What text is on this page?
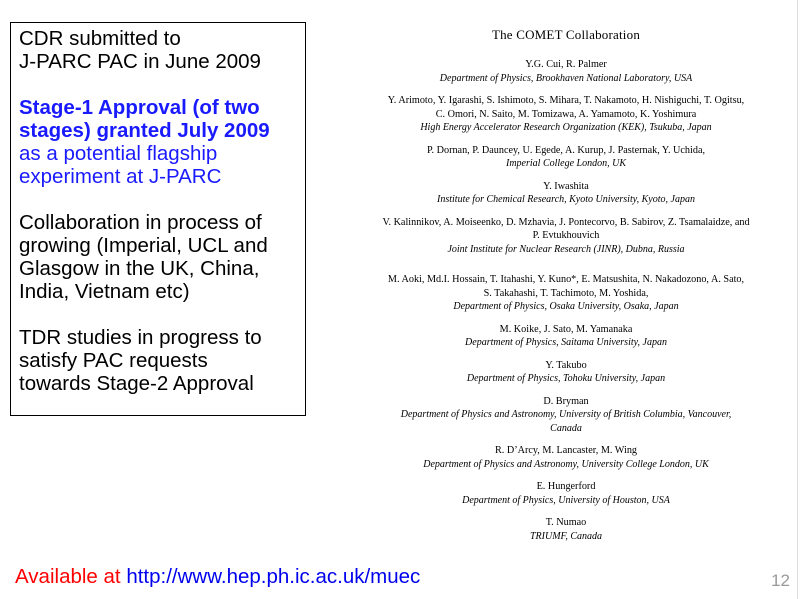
CDR submitted to
J-PARC PAC in June 2009

Stage-1 Approval (of two
stages) granted July 2009
as a potential flagship
experiment at J-PARC

Collaboration in process of
growing (Imperial, UCL and
Glasgow in the UK, China,
India, Vietnam etc)

TDR studies in progress to
satisfy PAC requests
towards Stage-2 Approval

The COMET Collaboration
Y.G. Cui, R. Palmer
Department of Physics, Brookhaven National Laboratory, USA
Y. Arimoto, Y. Igarashi, S. Ishimoto, S. Mihara, T. Nakamoto, H. Nishiguchi, T. Ogitsu,
C. Omori, N. Saito, M. Tomizawa, A. Yamamoto, K. Yoshimura
High Energy Accelerator Research Organization (KEK), Tsukuba, Japan
P. Dornan, P. Dauncey, U. Egede, A. Kurup, J. Pasternak, Y. Uchida,
Imperial College London, UK
Y. Iwashita
Institute for Chemical Research, Kyoto University, Kyoto, Japan
V. Kalinnikov, A. Moiseenko, D. Mzhavia, J. Pontecorvo, B. Sabirov, Z. Tsamalaidze, and
P. Evtukhouvich
Joint Institute for Nuclear Research (JINR), Dubna, Russia
M. Aoki, Md.I. Hossain, T. Itahashi, Y. Kuno*, E. Matsushita, N. Nakadozono, A. Sato,
S. Takahashi, T. Tachimoto, M. Yoshida,
Department of Physics, Osaka University, Osaka, Japan
M. Koike, J. Sato, M. Yamanaka
Department of Physics, Saitama University, Japan
Y. Takubo
Department of Physics, Tohoku University, Japan
D. Bryman
Department of Physics and Astronomy, University of British Columbia, Vancouver,
Canada
R. D’Arcy, M. Lancaster, M. Wing
Department of Physics and Astronomy, University College London, UK
E. Hungerford
Department of Physics, University of Houston, USA
T. Numao
TRIUMF, Canada
Available at http://www.hep.ph.ic.ac.uk/muec	12
